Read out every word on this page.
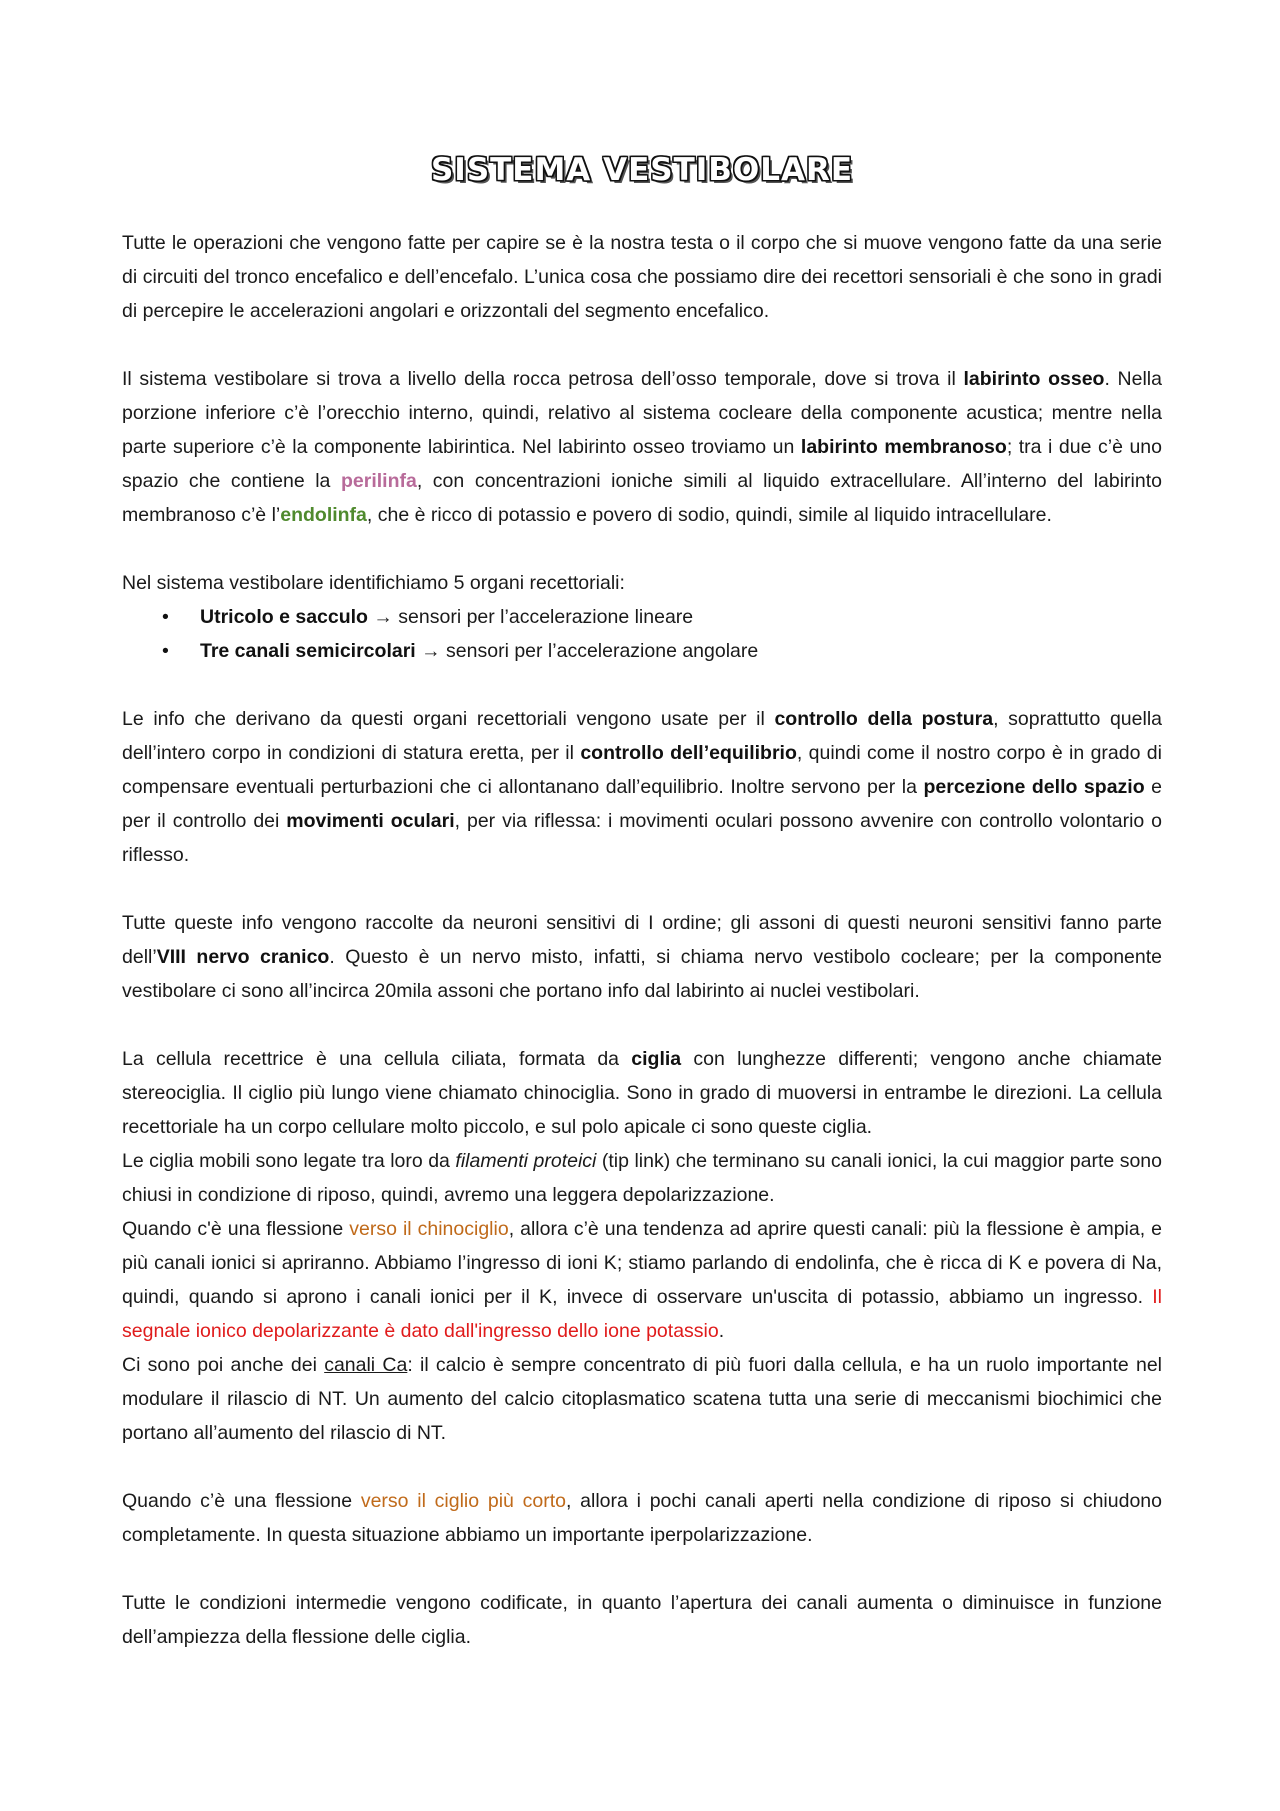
SISTEMA VESTIBOLARE

Tutte le operazioni che vengono fatte per capire se è la nostra testa o il corpo che si muove vengono fatte da una serie di circuiti del tronco encefalico e dell’encefalo. L’unica cosa che possiamo dire dei recettori sensoriali è che sono in gradi di percepire le accelerazioni angolari e orizzontali del segmento encefalico.

Il sistema vestibolare si trova a livello della rocca petrosa dell’osso temporale, dove si trova il labirinto osseo. Nella porzione inferiore c’è l’orecchio interno, quindi, relativo al sistema cocleare della componente acustica; mentre nella parte superiore c’è la componente labirintica. Nel labirinto osseo troviamo un labirinto membranoso; tra i due c’è uno spazio che contiene la perilinfa, con concentrazioni ioniche simili al liquido extracellulare. All’interno del labirinto membranoso c’è l’endolinfa, che è ricco di potassio e povero di sodio, quindi, simile al liquido intracellulare.

Nel sistema vestibolare identifichiamo 5 organi recettoriali:

• Utricolo e sacculo → sensori per l’accelerazione lineare
• Tre canali semicircolari → sensori per l’accelerazione angolare

Le info che derivano da questi organi recettoriali vengono usate per il controllo della postura, soprattutto quella dell’intero corpo in condizioni di statura eretta, per il controllo dell’equilibrio, quindi come il nostro corpo è in grado di compensare eventuali perturbazioni che ci allontanano dall’equilibrio. Inoltre servono per la percezione dello spazio e per il controllo dei movimenti oculari, per via riflessa: i movimenti oculari possono avvenire con controllo volontario o riflesso.

Tutte queste info vengono raccolte da neuroni sensitivi di I ordine; gli assoni di questi neuroni sensitivi fanno parte dell’VIII nervo cranico. Questo è un nervo misto, infatti, si chiama nervo vestibolo cocleare; per la componente vestibolare ci sono all’incirca 20mila assoni che portano info dal labirinto ai nuclei vestibolari.

La cellula recettrice è una cellula ciliata, formata da ciglia con lunghezze differenti; vengono anche chiamate stereociglia. Il ciglio più lungo viene chiamato chinociglia. Sono in grado di muoversi in entrambe le direzioni. La cellula recettoriale ha un corpo cellulare molto piccolo, e sul polo apicale ci sono queste ciglia.

Le ciglia mobili sono legate tra loro da filamenti proteici (tip link) che terminano su canali ionici, la cui maggior parte sono chiusi in condizione di riposo, quindi, avremo una leggera depolarizzazione.

Quando c'è una flessione verso il chinociglio, allora c’è una tendenza ad aprire questi canali: più la flessione è ampia, e più canali ionici si apriranno. Abbiamo l’ingresso di ioni K; stiamo parlando di endolinfa, che è ricca di K e povera di Na, quindi, quando si aprono i canali ionici per il K, invece di osservare un'uscita di potassio, abbiamo un ingresso. Il segnale ionico depolarizzante è dato dall'ingresso dello ione potassio.

Ci sono poi anche dei canali Ca: il calcio è sempre concentrato di più fuori dalla cellula, e ha un ruolo importante nel modulare il rilascio di NT. Un aumento del calcio citoplasmatico scatena tutta una serie di meccanismi biochimici che portano all’aumento del rilascio di NT.

Quando c’è una flessione verso il ciglio più corto, allora i pochi canali aperti nella condizione di riposo si chiudono completamente. In questa situazione abbiamo un importante iperpolarizzazione.

Tutte le condizioni intermedie vengono codificate, in quanto l’apertura dei canali aumenta o diminuisce in funzione dell’ampiezza della flessione delle ciglia.
